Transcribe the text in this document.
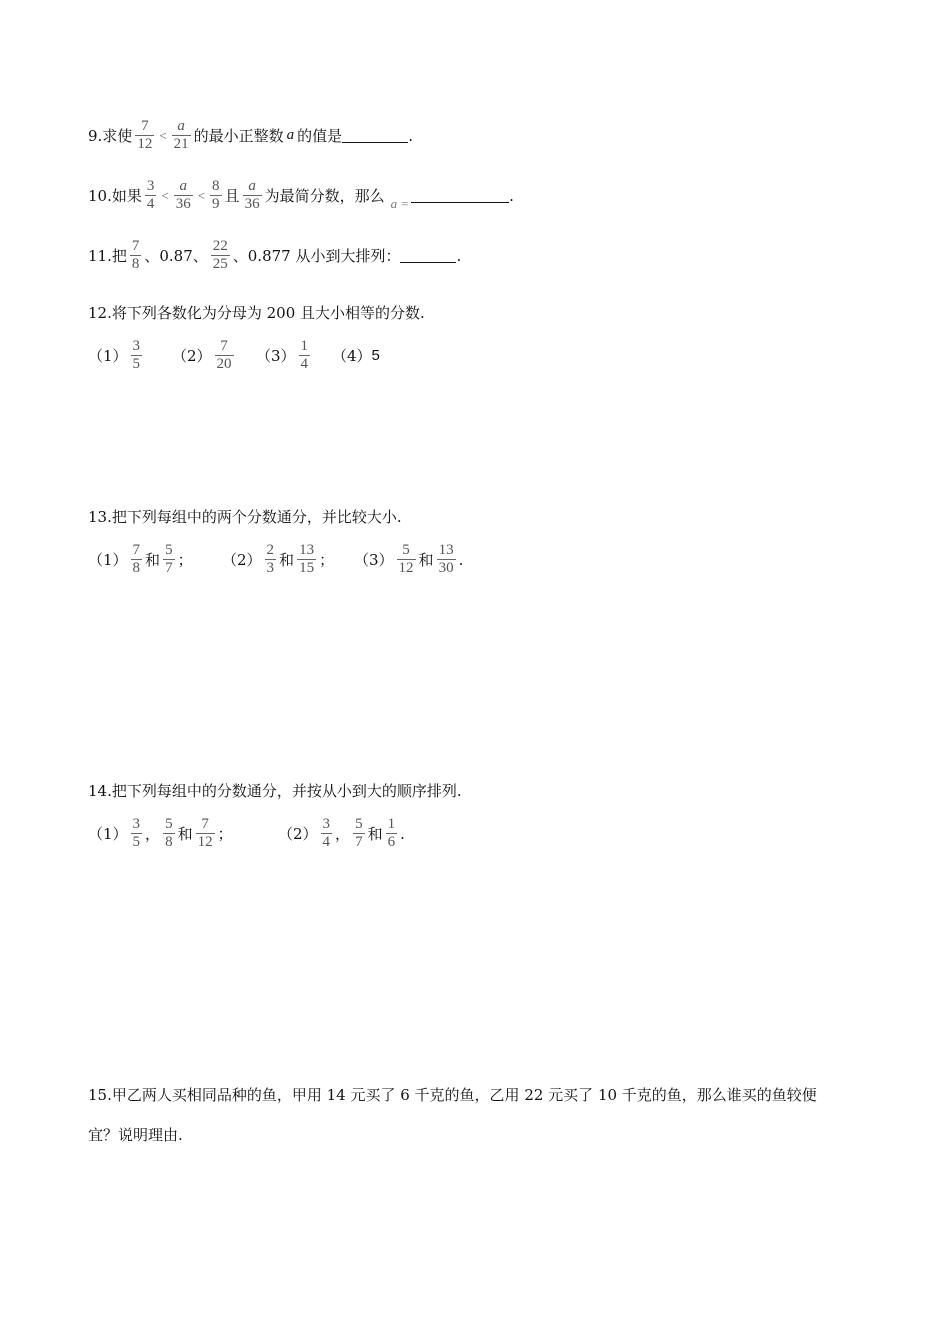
9.求使 $\frac{7}{12} < \frac{a}{21}$ 的最小正整数 a 的值是	.
10.如果 $\frac{3}{4} < \frac{a}{36} < \frac{8}{9}$ 且 $\frac{a}{36}$ 为最简分数，那么 a =	.
11.把 $\frac{7}{8}$ 、0.87、 $\frac{22}{25}$ 、0.877 从小到大排列：	.
12.将下列各数化为分母为 200 且大小相等的分数.
$(1) \frac{3}{5} (2) \frac{7}{20} (3) \frac{1}{4} (4)$ 5
13.把下列每组中的两个分数通分，并比较大小.
$(1) \frac{7}{8}$ 和 $\frac{5}{7}$ ； $(2) \frac{2}{3}$ 和 $\frac{13}{15}$ ； $(3) \frac{5}{12}$ 和 $\frac{13}{30}$ .
14.把下列每组中的分数通分，并按从小到大的顺序排列.
$(1) \frac{3}{5}$ ， $\frac{5}{8}$ 和 $\frac{7}{12}$ ；	$(2) \frac{3}{4}$ ， $\frac{5}{7}$ 和 $\frac{1}{6}$ .
15.甲乙两人买相同品种的鱼，甲用 14 元买了 6 千克的鱼，乙用 22 元买了 10 千克的鱼，那么谁买的鱼较便
宜？说明理由.
